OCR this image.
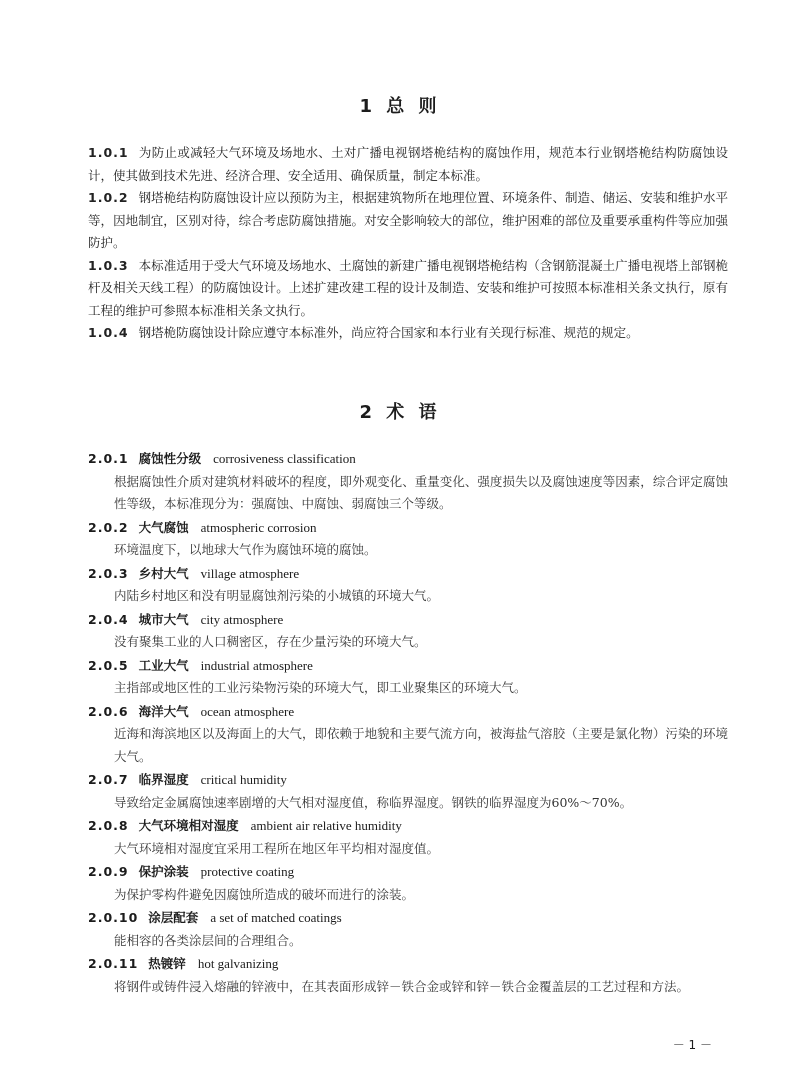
1 总 则

1.0.1 为防止或减轻大气环境及场地水、土对广播电视钢塔桅结构的腐蚀作用，规范本行业钢塔桅结构防腐蚀设计，使其做到技术先进、经济合理、安全适用、确保质量，制定本标准。

1.0.2 钢塔桅结构防腐蚀设计应以预防为主，根据建筑物所在地理位置、环境条件、制造、储运、安装和维护水平等，因地制宜，区别对待，综合考虑防腐蚀措施。对安全影响较大的部位，维护困难的部位及重要承重构件等应加强防护。

1.0.3 本标准适用于受大气环境及场地水、土腐蚀的新建广播电视钢塔桅结构（含钢筋混凝土广播电视塔上部钢桅杆及相关天线工程）的防腐蚀设计。上述扩建改建工程的设计及制造、安装和维护可按照本标准相关条文执行，原有工程的维护可参照本标准相关条文执行。

1.0.4 钢塔桅防腐蚀设计除应遵守本标准外，尚应符合国家和本行业有关现行标准、规范的规定。

2 术 语

2.0.1 腐蚀性分级 corrosiveness classification

根据腐蚀性介质对建筑材料破坏的程度，即外观变化、重量变化、强度损失以及腐蚀速度等因素，综合评定腐蚀性等级，本标准现分为：强腐蚀、中腐蚀、弱腐蚀三个等级。

2.0.2 大气腐蚀 atmospheric corrosion

环境温度下，以地球大气作为腐蚀环境的腐蚀。

2.0.3 乡村大气 village atmosphere

内陆乡村地区和没有明显腐蚀剂污染的小城镇的环境大气。

2.0.4 城市大气 city atmosphere

没有聚集工业的人口稠密区，存在少量污染的环境大气。

2.0.5 工业大气 industrial atmosphere

主指部或地区性的工业污染物污染的环境大气，即工业聚集区的环境大气。

2.0.6 海洋大气 ocean atmosphere

近海和海滨地区以及海面上的大气，即依赖于地貌和主要气流方向，被海盐气溶胶（主要是氯化物）污染的环境大气。

2.0.7 临界湿度 critical humidity

导致给定金属腐蚀速率剧增的大气相对湿度值，称临界湿度。钢铁的临界湿度为60%～70%。

2.0.8 大气环境相对湿度 ambient air relative humidity

大气环境相对湿度宜采用工程所在地区年平均相对湿度值。

2.0.9 保护涂装 protective coating

为保护零构件避免因腐蚀所造成的破坏而进行的涂装。

2.0.10 涂层配套 a set of matched coatings

能相容的各类涂层间的合理组合。

2.0.11 热镀锌 hot galvanizing

将钢件或铸件浸入熔融的锌液中，在其表面形成锌－铁合金或锌和锌－铁合金覆盖层的工艺过程和方法。

－ 1 －
